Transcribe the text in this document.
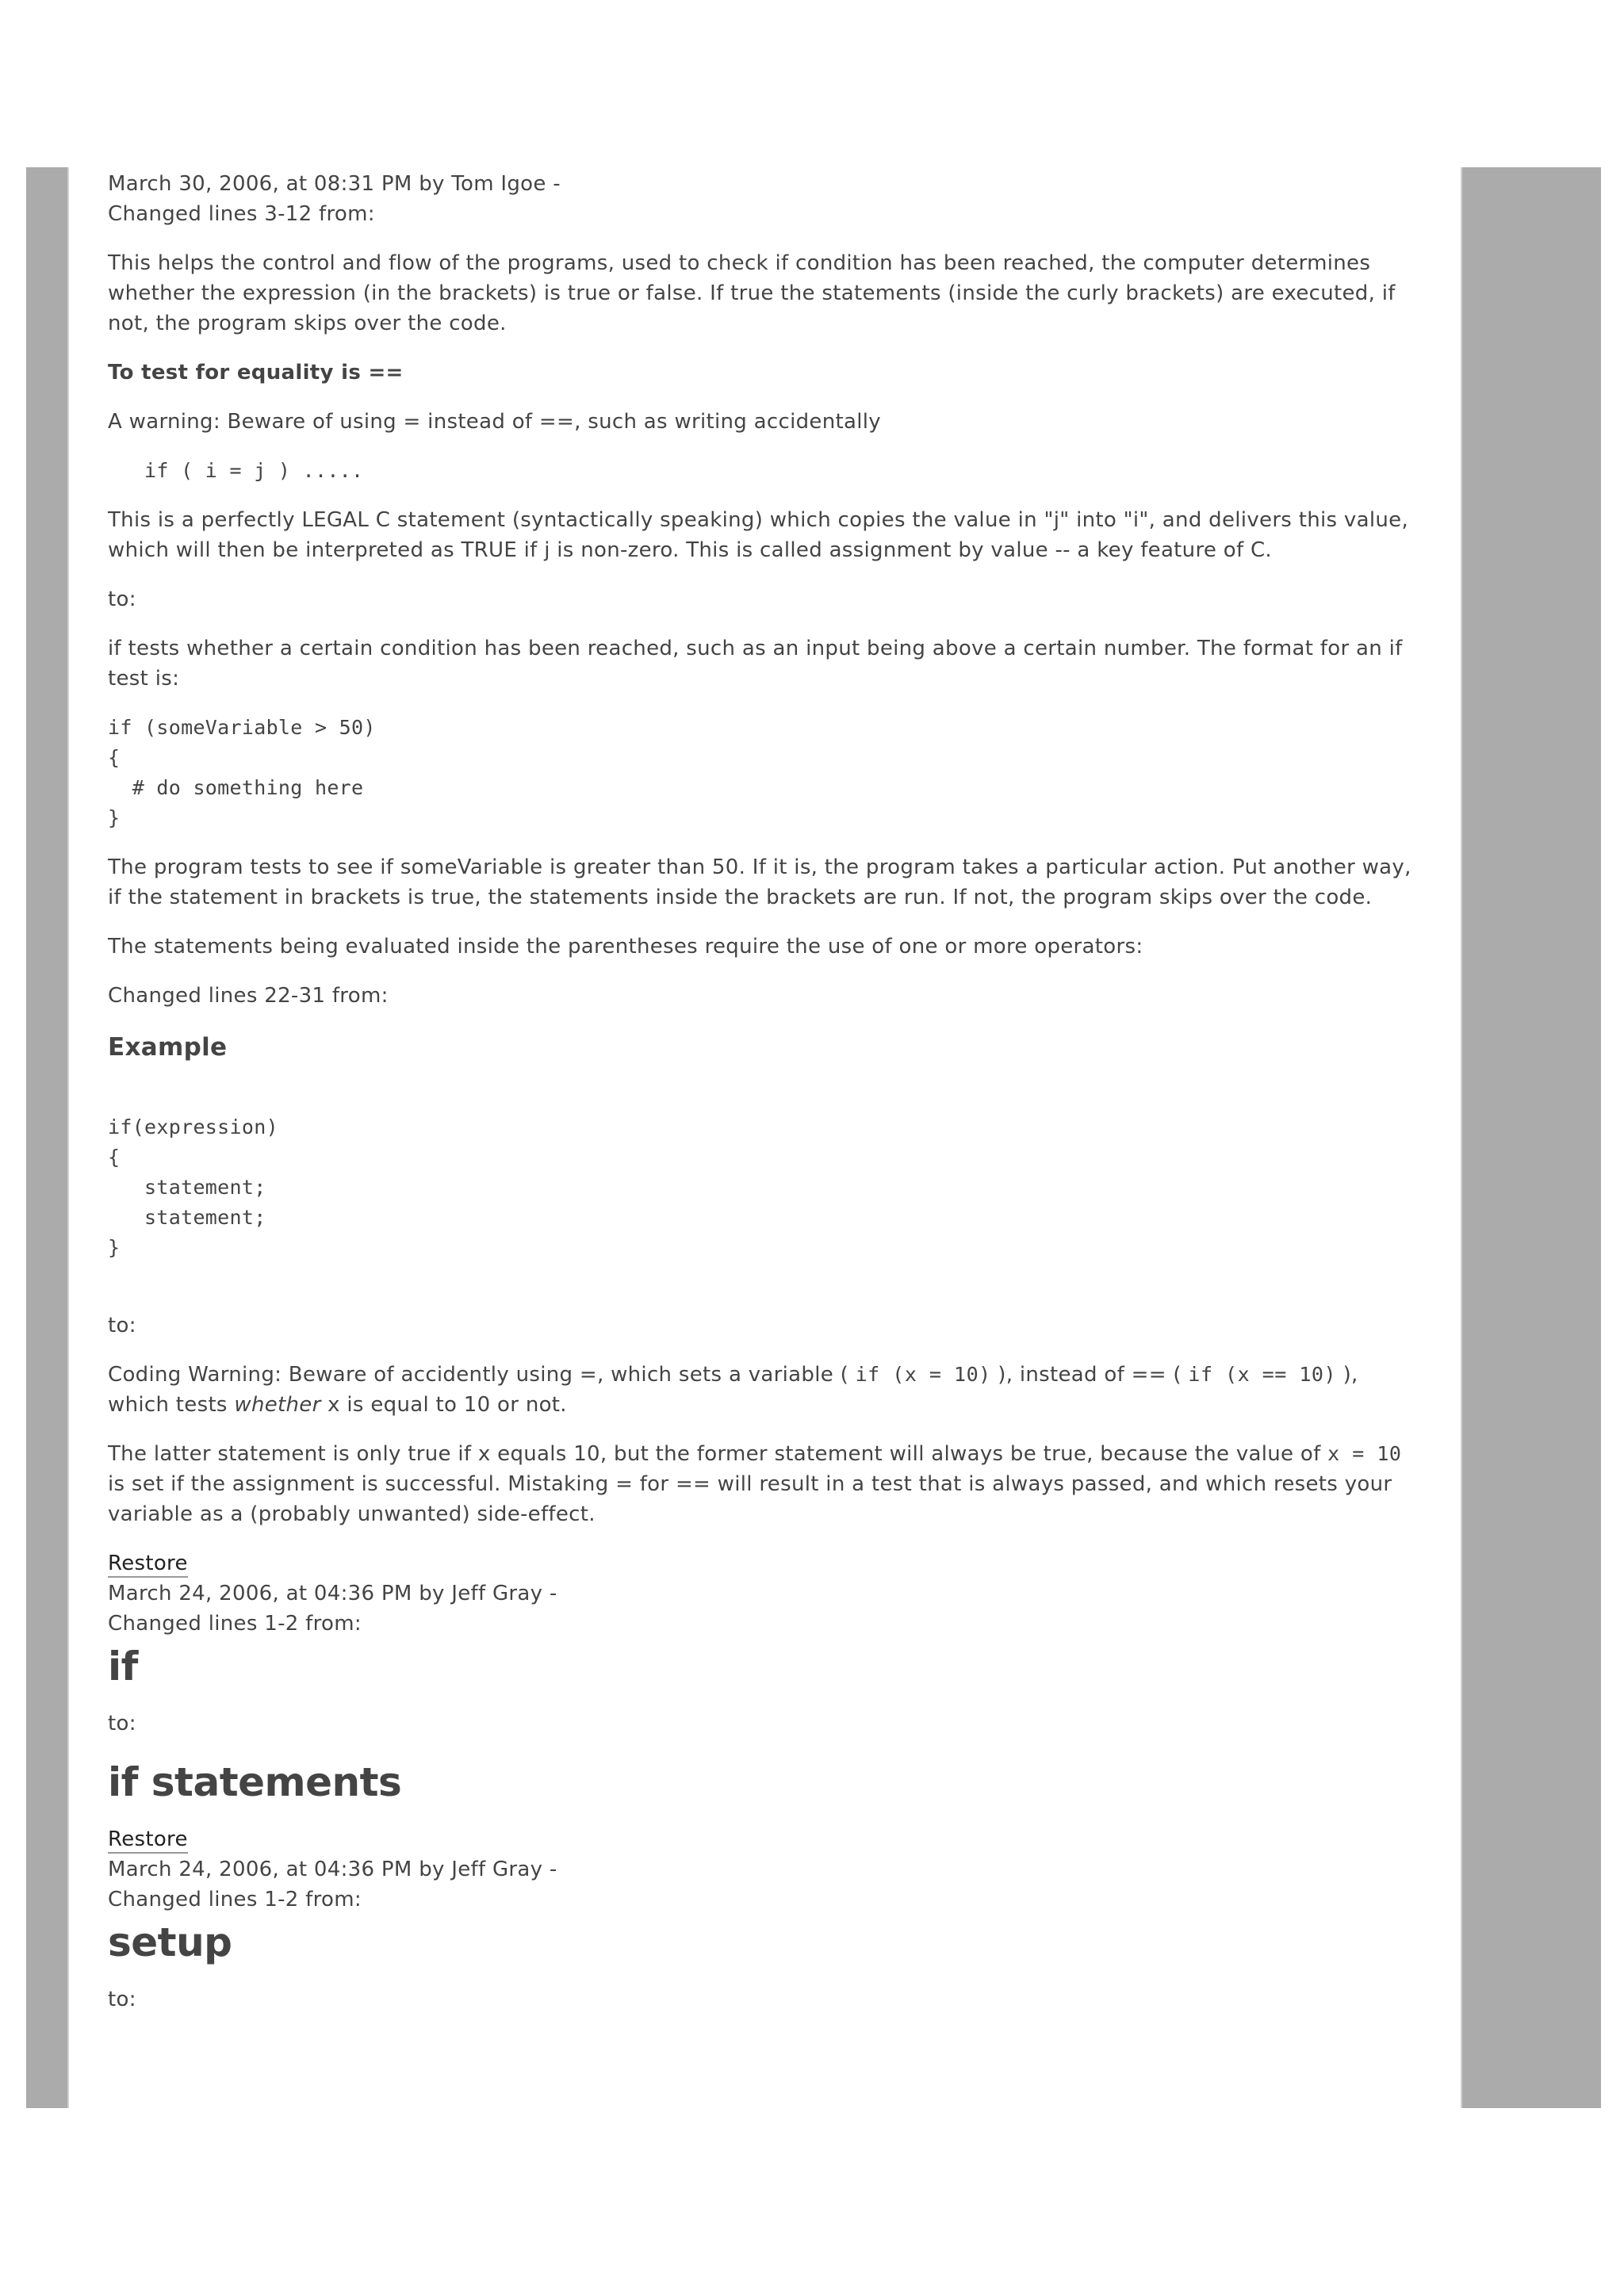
March 30, 2006, at 08:31 PM by Tom Igoe -
Changed lines 3-12 from:

This helps the control and flow of the programs, used to check if condition has been reached, the computer determines whether the expression (in the brackets) is true or false. If true the statements (inside the curly brackets) are executed, if not, the program skips over the code.

To test for equality is ==

A warning: Beware of using = instead of ==, such as writing accidentally

if ( i = j ) .....

This is a perfectly LEGAL C statement (syntactically speaking) which copies the value in "j" into "i", and delivers this value, which will then be interpreted as TRUE if j is non-zero. This is called assignment by value -- a key feature of C.

to:

if tests whether a certain condition has been reached, such as an input being above a certain number. The format for an if test is:

if (someVariable > 50)
{
# do something here
}

The program tests to see if someVariable is greater than 50. If it is, the program takes a particular action. Put another way, if the statement in brackets is true, the statements inside the brackets are run. If not, the program skips over the code.

The statements being evaluated inside the parentheses require the use of one or more operators:

Changed lines 22-31 from:

Example
if(expression)
{
statement;
statement;
}

to:

Coding Warning: Beware of accidently using =, which sets a variable ( if (x = 10) ), instead of == ( if (x == 10) ), which tests whether x is equal to 10 or not.

The latter statement is only true if x equals 10, but the former statement will always be true, because the value of x = 10 is set if the assignment is successful. Mistaking = for == will result in a test that is always passed, and which resets your variable as a (probably unwanted) side-effect.

Restore
March 24, 2006, at 04:36 PM by Jeff Gray -
Changed lines 1-2 from:
if

to:

if statements
Restore
March 24, 2006, at 04:36 PM by Jeff Gray -
Changed lines 1-2 from:
setup

to:
